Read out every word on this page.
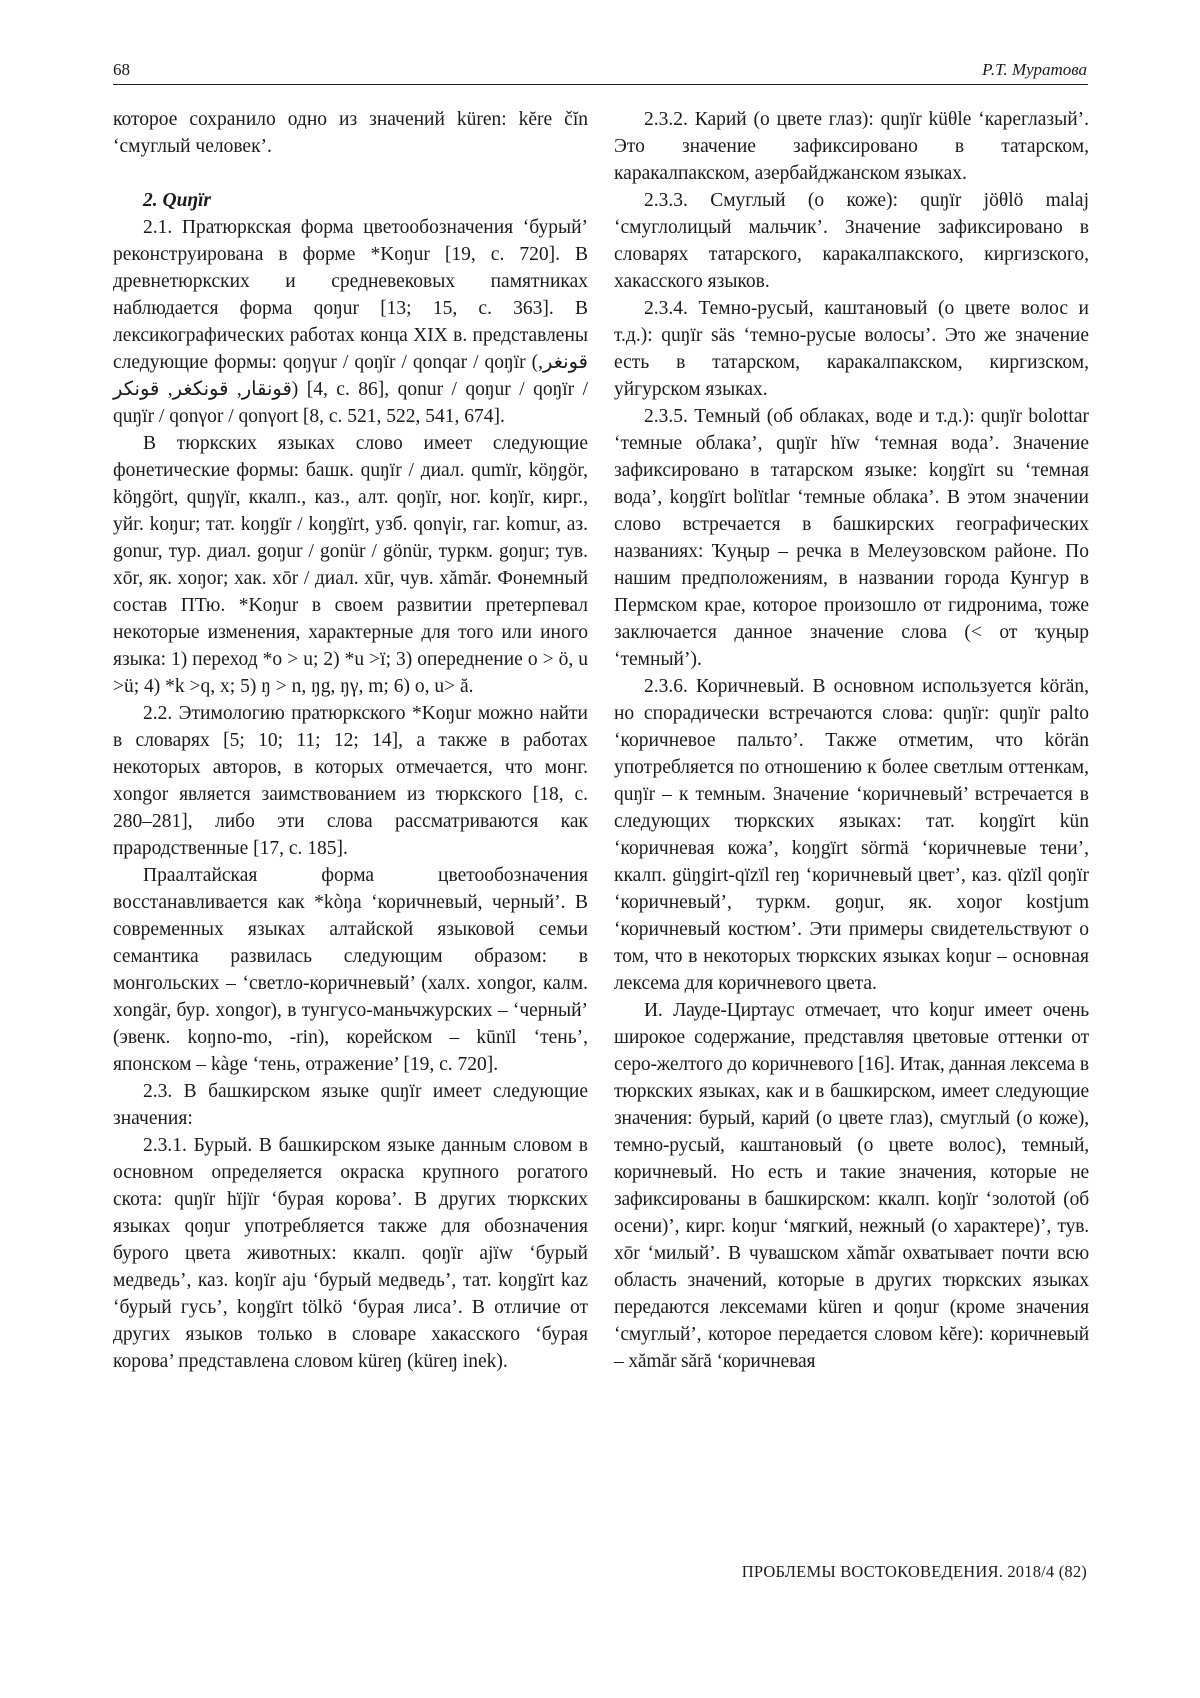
68	Р.Т. Муратова

которое сохранило одно из значений küren: kĕre čĭn ‘смуглый человек’.

2. Quŋïr

2.1. Пратюркская форма цветообозначения ‘бурый’ реконструирована в форме *Koŋur [19, с. 720]. В древнетюркских и средневековых памятниках наблюдается форма qoŋur [13; 15, с. 363]. В лексикографических работах конца XIX в. представлены следующие формы: qoŋγur / qoŋïr / qonqar / qoŋïr (قونغر, قونقار, قونكغر, قونكر) [4, с. 86], qonur / qoŋur / qoŋïr / quŋïr / qonγor / qonγort [8, с. 521, 522, 541, 674].

В тюркских языках слово имеет следующие фонетические формы: башк. quŋïr / диал. qumïr, köŋgör, köŋgört, quŋγïr, ккалп., каз., алт. qoŋïr, ног. koŋïr, кирг., уйг. koŋur; тат. koŋgïr / koŋgïrt, узб. qonγir, гаг. komur, аз. gonur, тур. диал. goŋur / gonür / gönür, туркм. goŋur; тув. xōr, як. xoŋor; хак. xōr / диал. xūr, чув. xămăr. Фонемный состав ПТю. *Koŋur в своем развитии претерпевал некоторые изменения, характерные для того или иного языка: 1) переход *o > u; 2) *u >ï; 3) опереднение o > ö, u >ü; 4) *k >q, x; 5) ŋ > n, ŋg, ŋγ, m; 6) o, u> ă.

2.2. Этимологию пратюркского *Koŋur можно найти в словарях [5; 10; 11; 12; 14], а также в работах некоторых авторов, в которых отмечается, что монг. xongor является заимствованием из тюркского [18, с. 280–281], либо эти слова рассматриваются как прародственные [17, с. 185].

Праалтайская форма цветообозначения восстанавливается как *kòŋa ‘коричневый, черный’. В современных языках алтайской языковой семьи семантика развилась следующим образом: в монгольских – ‘светло-коричневый’ (халх. xongor, калм. xongär, бур. xongor), в тунгусо-маньчжурских – ‘черный’ (эвенк. koŋno-mo, -rin), корейском – kūnïl ‘тень’, японском – kàge ‘тень, отражение’ [19, с. 720].

2.3. В башкирском языке quŋïr имеет следующие значения:

2.3.1. Бурый. В башкирском языке данным словом в основном определяется окраска крупного рогатого скота: quŋïr hïjïr ‘бурая корова’. В других тюркских языках qoŋur употребляется также для обозначения бурого цвета животных: ккалп. qoŋïr ajïw ‘бурый медведь’, каз. koŋïr aju ‘бурый медведь’, тат. koŋgïrt kaz ‘бурый гусь’, koŋgïrt tölkö ‘бурая лиса’. В отличие от других языков только в словаре хакасского ‘бурая корова’ представлена словом küreŋ (küreŋ inek).

2.3.2. Карий (о цвете глаз): quŋïr küθle ‘кареглазый’. Это значение зафиксировано в татарском, каракалпакском, азербайджанском языках.

2.3.3. Смуглый (о коже): quŋïr jöθlö malaj ‘смуглолицый мальчик’. Значение зафиксировано в словарях татарского, каракалпакского, киргизского, хакасского языков.

2.3.4. Темно-русый, каштановый (о цвете волос и т.д.): quŋïr säs ‘темно-русые волосы’. Это же значение есть в татарском, каракалпакском, киргизском, уйгурском языках.

2.3.5. Темный (об облаках, воде и т.д.): quŋïr bolottar ‘темные облака’, quŋïr hïw ‘темная вода’. Значение зафиксировано в татарском языке: koŋgïrt su ‘темная вода’, koŋgïrt bolïtlar ‘темные облака’. В этом значении слово встречается в башкирских географических названиях: Ҡуңыр – речка в Мелеузовском районе. По нашим предположениям, в названии города Кунгур в Пермском крае, которое произошло от гидронима, тоже заключается данное значение слова (< от ҡуңыр ‘темный’).

2.3.6. Коричневый. В основном используется körän, но спорадически встречаются слова: quŋïr: quŋïr palto ‘коричневое пальто’. Также отметим, что körän употребляется по отношению к более светлым оттенкам, quŋïr – к темным. Значение ‘коричневый’ встречается в следующих тюркских языках: тат. koŋgïrt kün ‘коричневая кожа’, koŋgïrt sörmä ‘коричневые тени’, ккалп. güŋgirt-qïzïl reŋ ‘коричневый цвет’, каз. qïzïl qoŋïr ‘коричневый’, туркм. goŋur, як. xoŋor kostjum ‘коричневый костюм’. Эти примеры свидетельствуют о том, что в некоторых тюркских языках koŋur – основная лексема для коричневого цвета.

И. Лауде-Циртаус отмечает, что koŋur имеет очень широкое содержание, представляя цветовые оттенки от серо-желтого до коричневого [16]. Итак, данная лексема в тюркских языках, как и в башкирском, имеет следующие значения: бурый, карий (о цвете глаз), смуглый (о коже), темно-русый, каштановый (о цвете волос), темный, коричневый. Но есть и такие значения, которые не зафиксированы в башкирском: ккалп. koŋïr ‘золотой (об осени)’, кирг. koŋur ‘мягкий, нежный (о характере)’, тув. xōr ‘милый’. В чувашском xămăr охватывает почти всю область значений, которые в других тюркских языках передаются лексемами küren и qoŋur (кроме значения ‘смуглый’, которое передается словом kĕre): коричневый – xămăr sără ‘коричневая

ПРОБЛЕМЫ ВОСТОКОВЕДЕНИЯ. 2018/4 (82)
